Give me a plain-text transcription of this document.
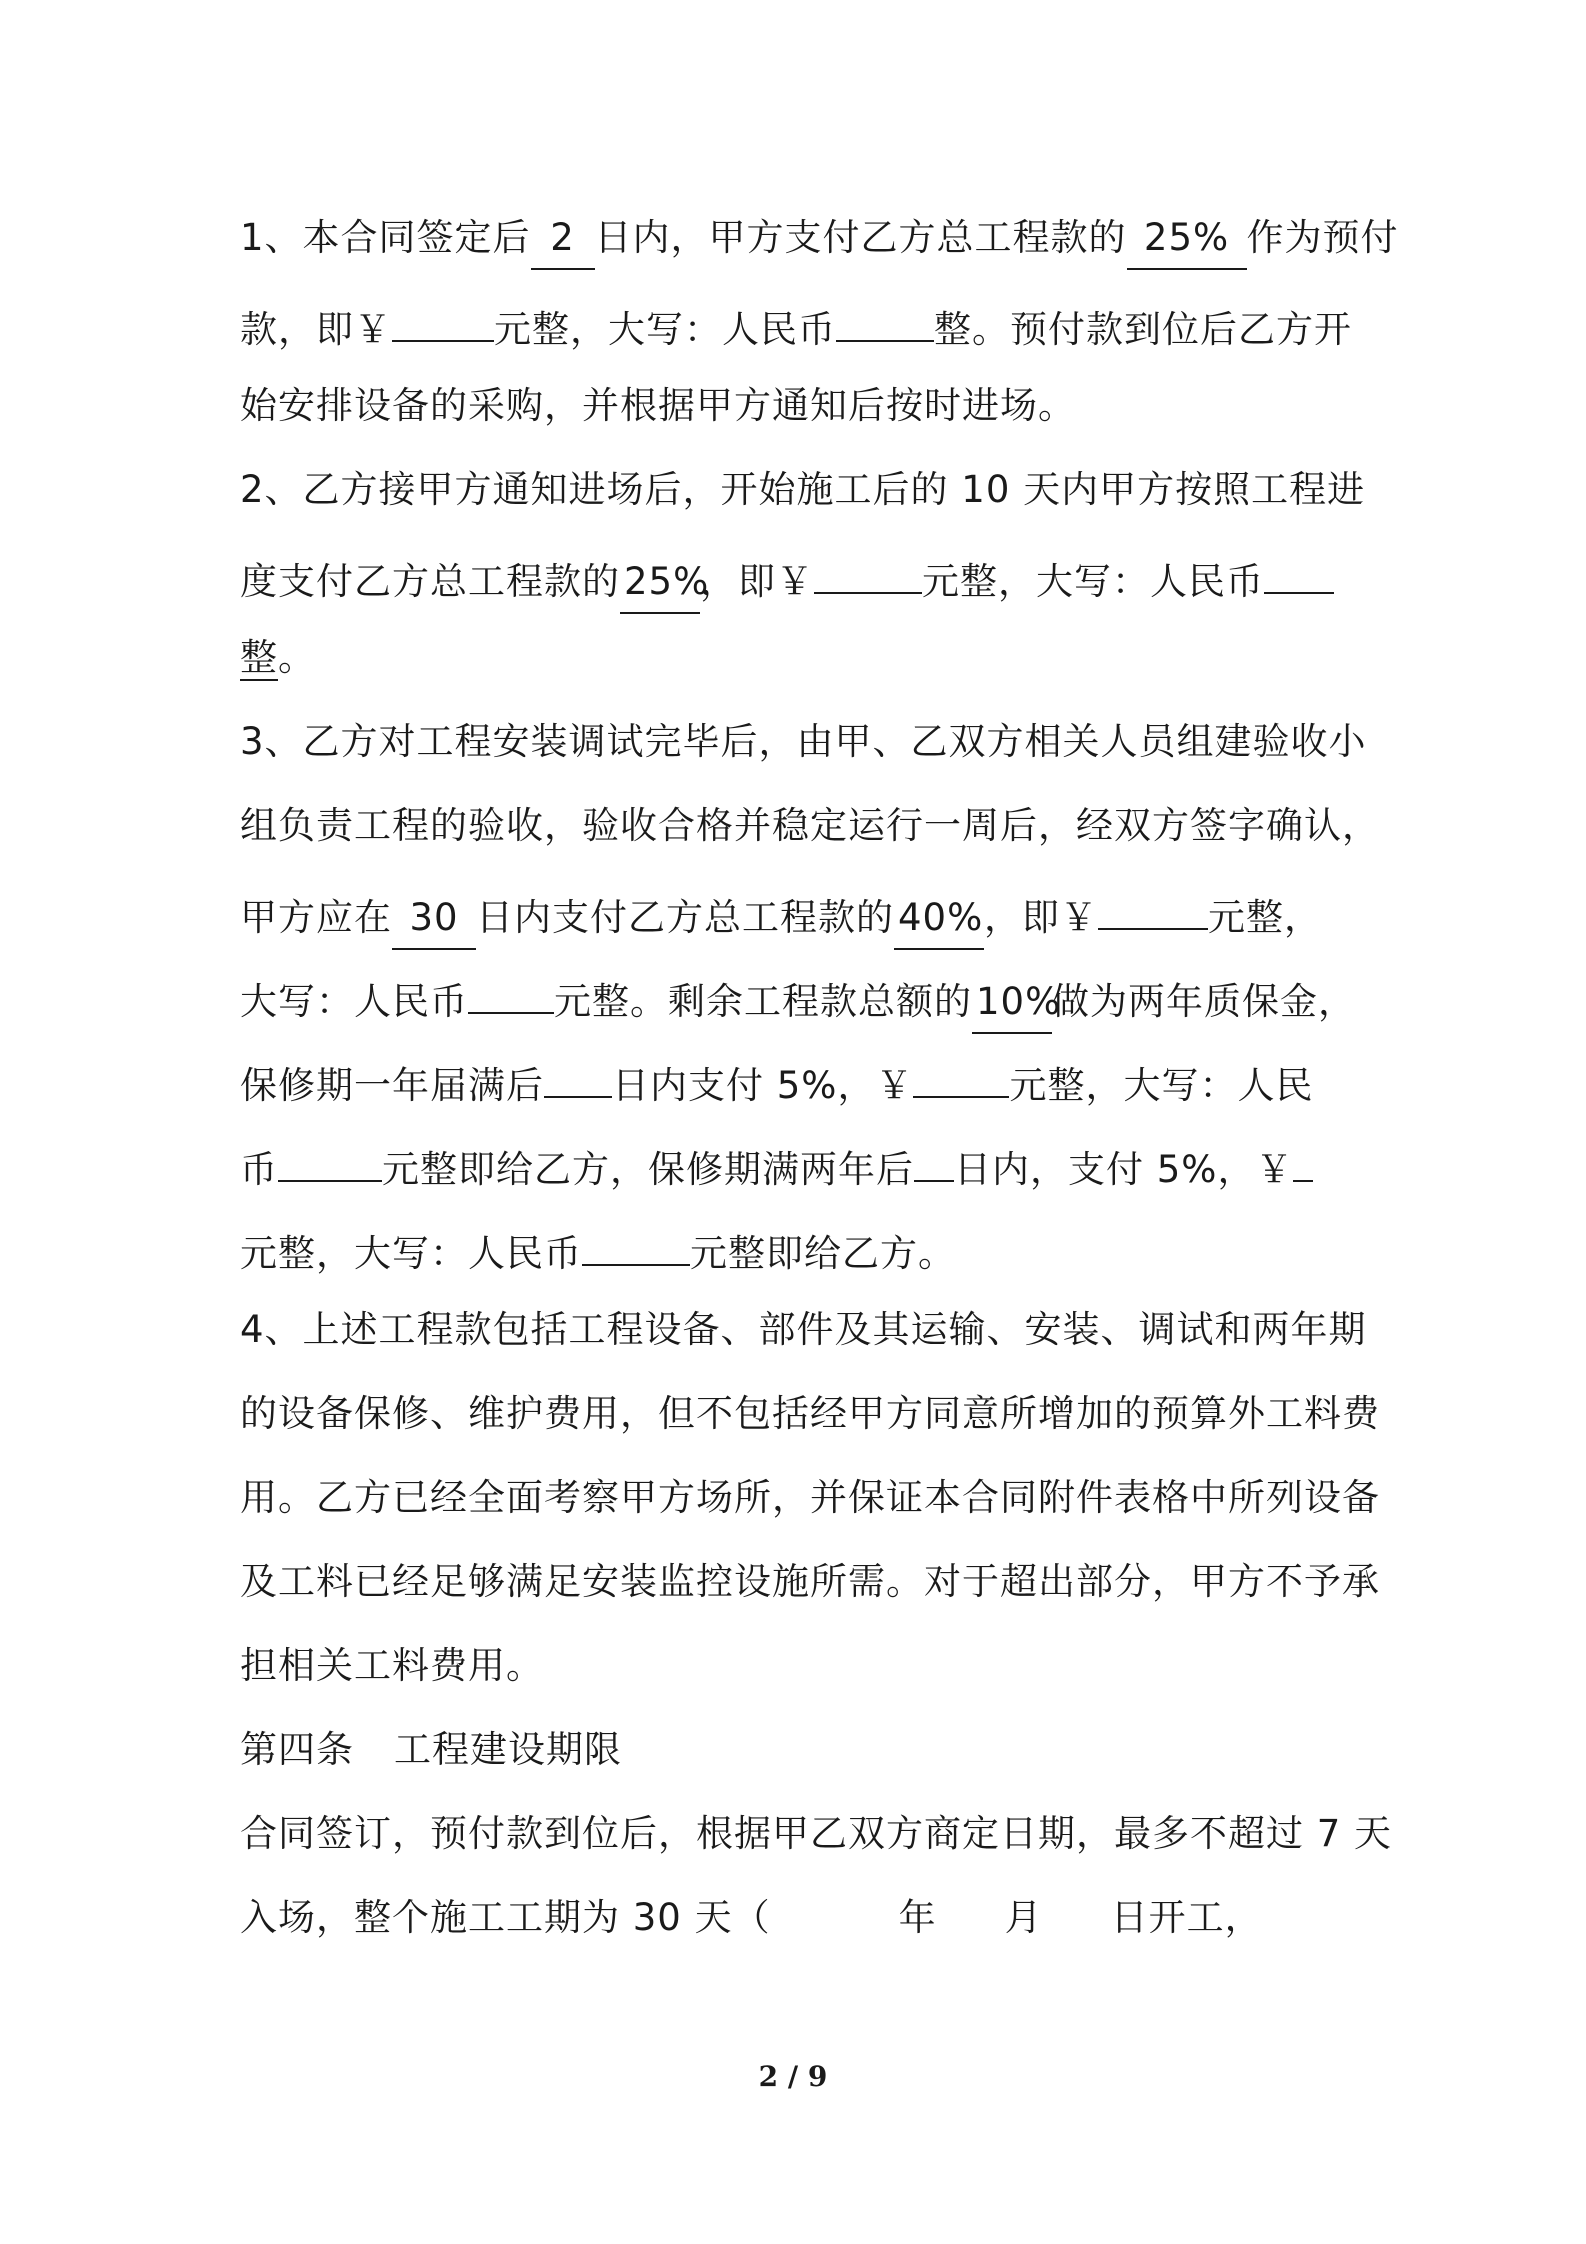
1、本合同签定后 2 日内，甲方支付乙方总工程款的 25% 作为预付
款，即￥	元整，大写：人民币	整。预付款到位后乙方开
始安排设备的采购，并根据甲方通知后按时进场。
2、乙方接甲方通知进场后，开始施工后的 10 天内甲方按照工程进
度支付乙方总工程款的 25%，即￥	元整，大写：人民币
整。
3、乙方对工程安装调试完毕后，由甲、乙双方相关人员组建验收小
组负责工程的验收，验收合格并稳定运行一周后，经双方签字确认，
甲方应在 30 日内支付乙方总工程款的 40%，即￥	元整，
大写：人民币 元整。剩余工程款总额的 10%做为两年质保金，
保修期一年届满后 日内支付 5%，￥	元整，大写：人民
币	元整即给乙方，保修期满两年后 日内，支付 5%，￥
元整，大写：人民币	元整即给乙方。
4、上述工程款包括工程设备、部件及其运输、安装、调试和两年期
的设备保修、维护费用，但不包括经甲方同意所增加的预算外工料费
用。乙方已经全面考察甲方场所，并保证本合同附件表格中所列设备
及工料已经足够满足安装监控设施所需。对于超出部分，甲方不予承
担相关工料费用。
第四条 工程建设期限
合同签订，预付款到位后，根据甲乙双方商定日期，最多不超过 7 天
入场，整个施工工期为 30 天（	年 月 日开工，
2 / 9
